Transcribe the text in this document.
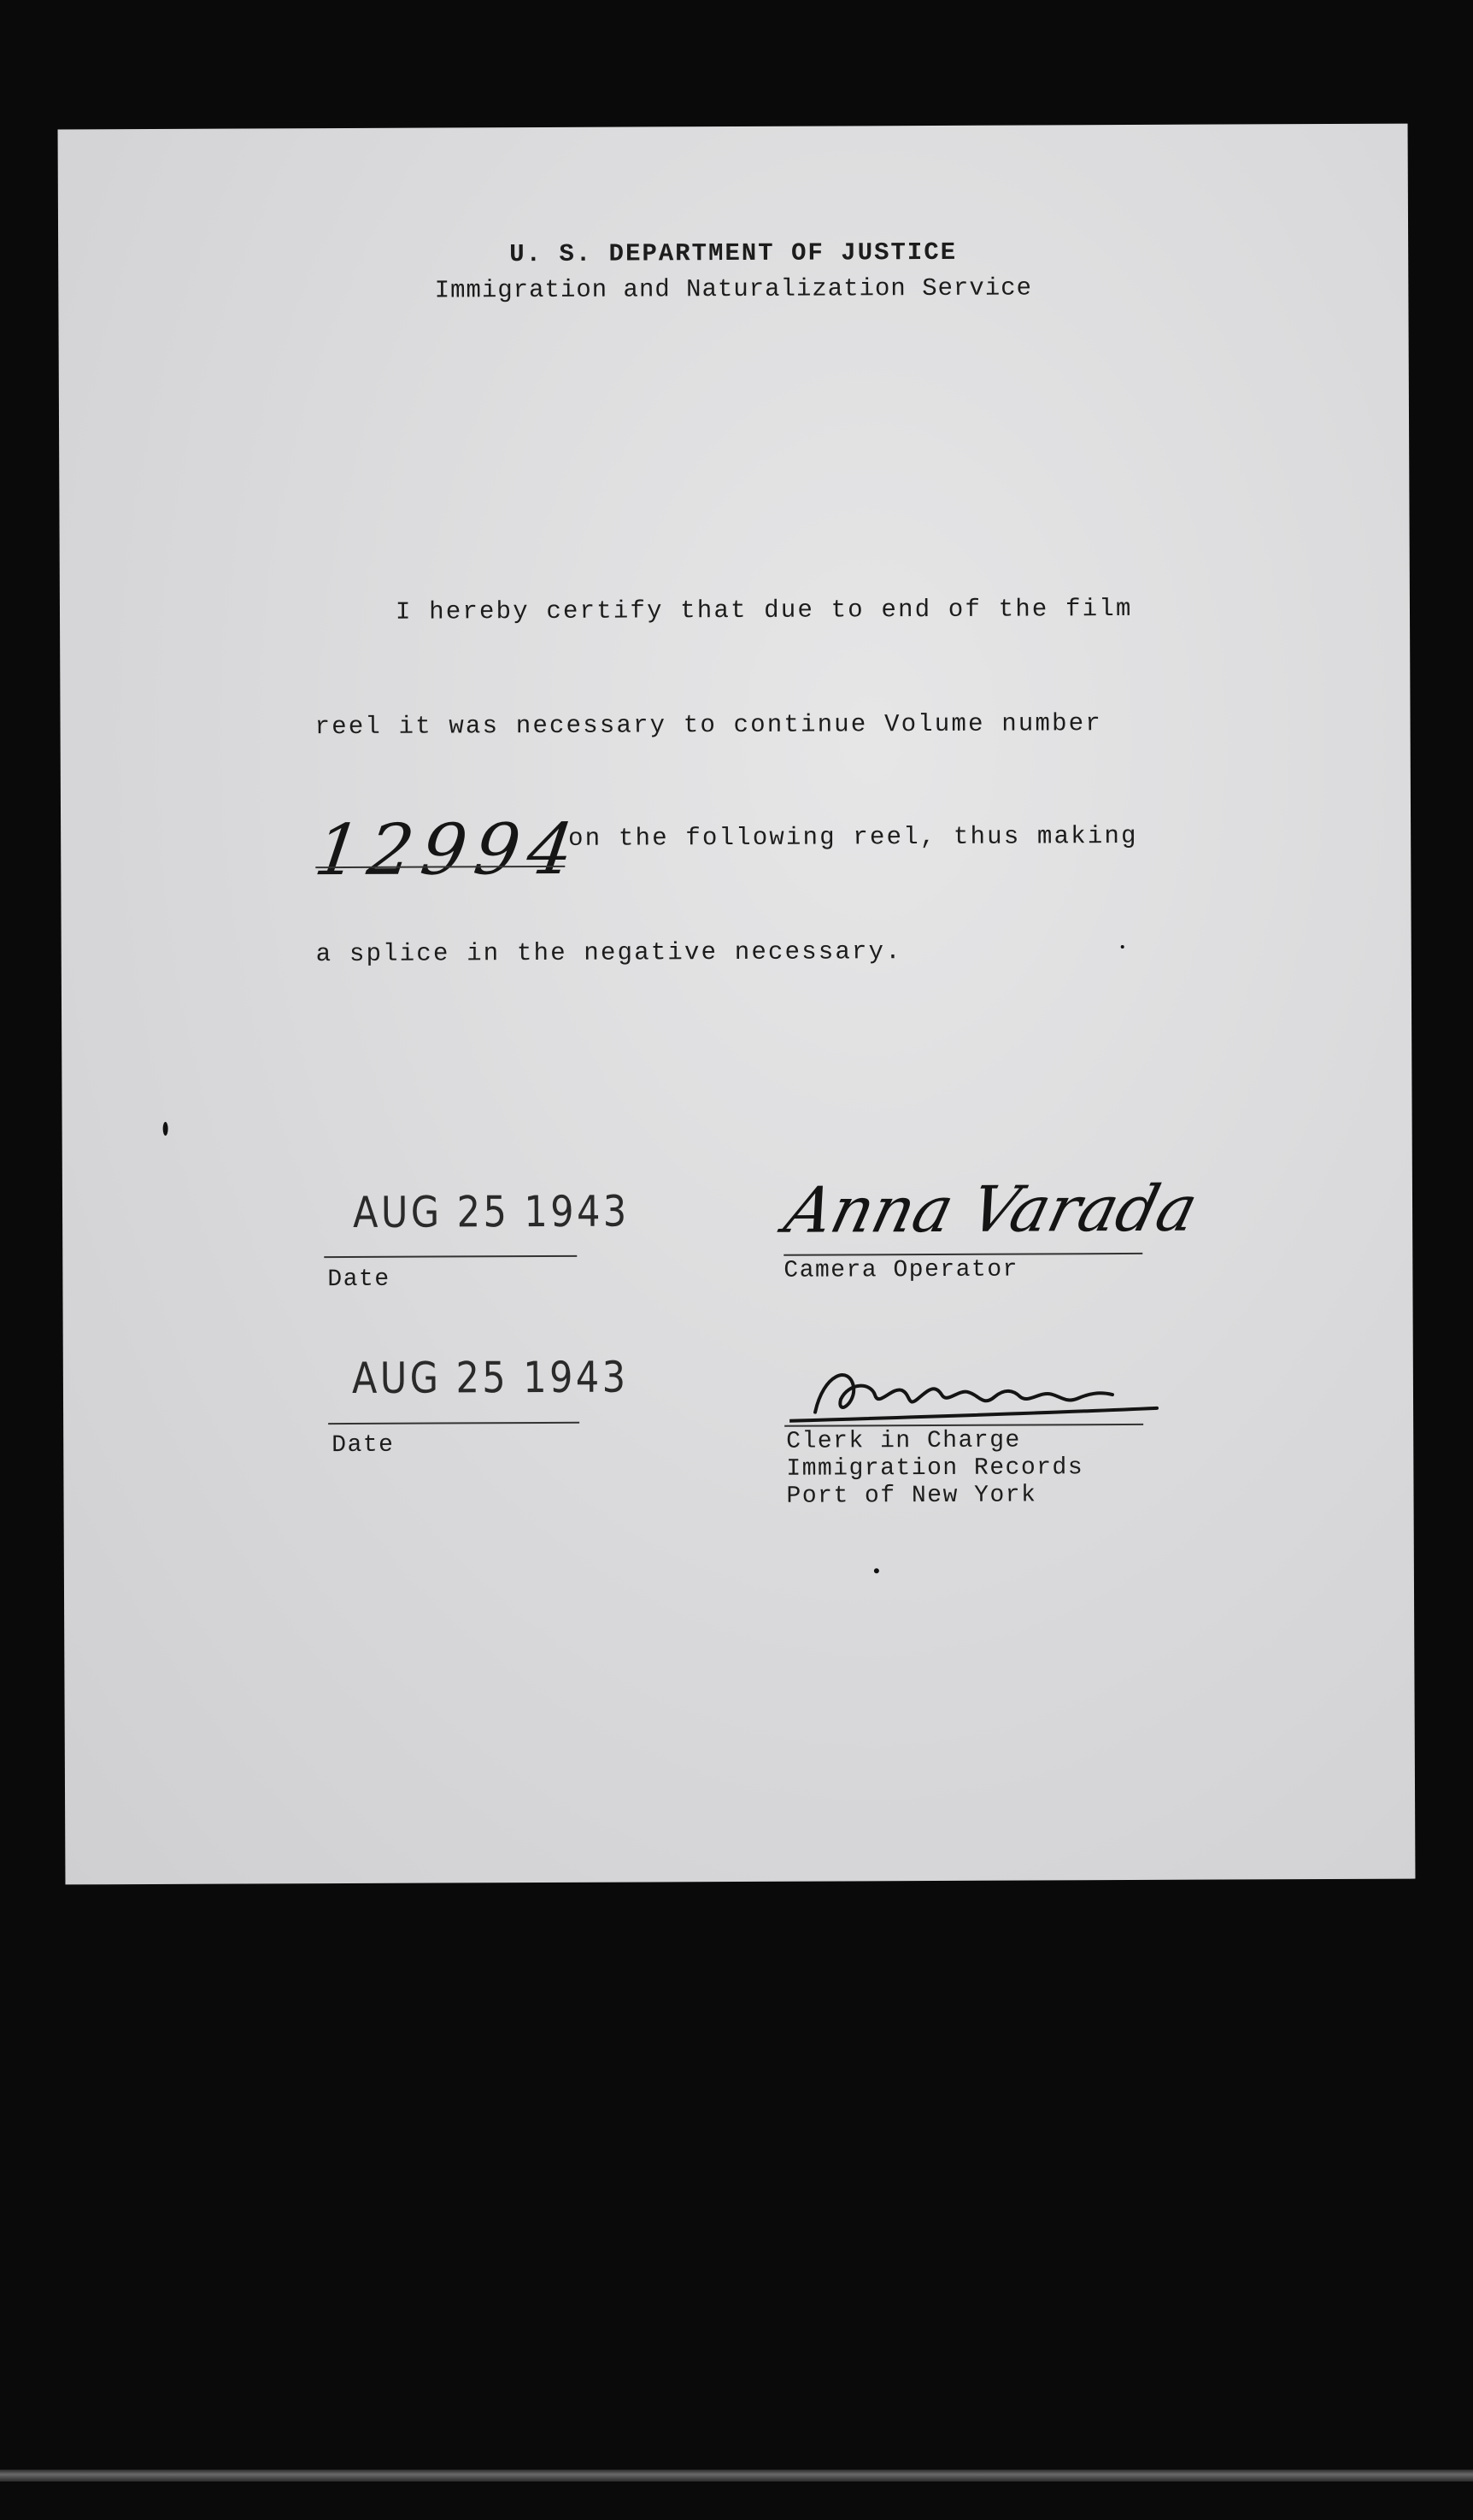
U. S. DEPARTMENT OF JUSTICE
Immigration and Naturalization Service
I hereby certify that due to end of the film
reel it was necessary to continue Volume number
12994
on the following reel, thus making
a splice in the negative necessary.
AUG 25 1943
Date
AUG 25 1943
Date
Anna Varada
Camera Operator
Clerk in Charge
Immigration Records
Port of New York
